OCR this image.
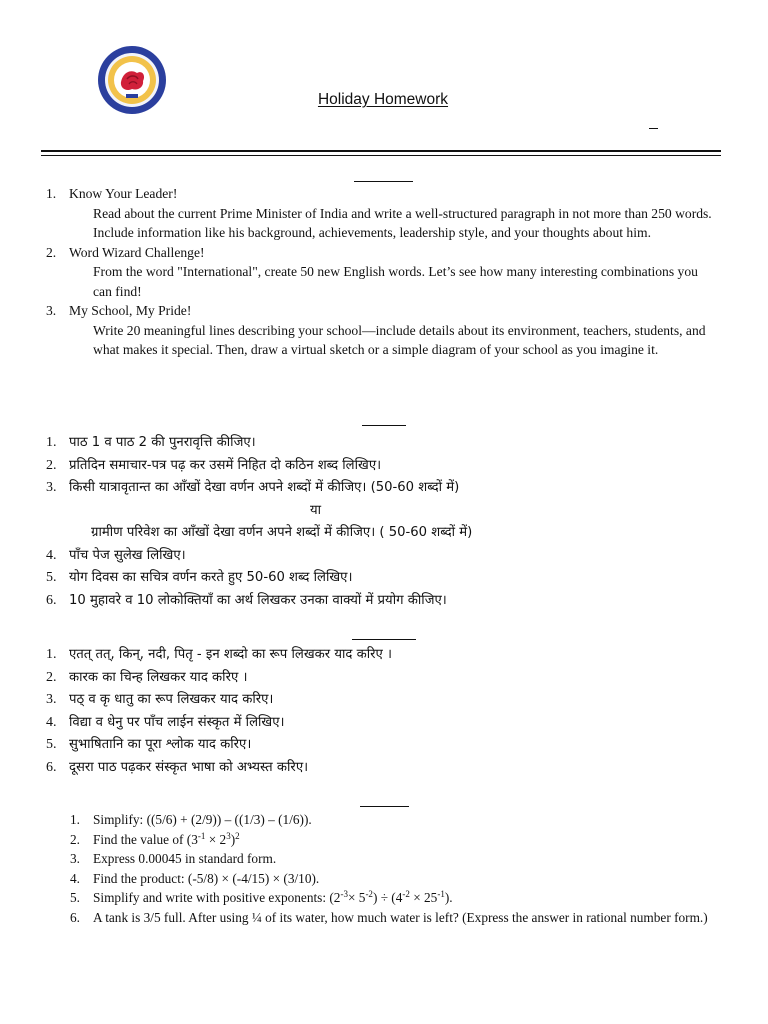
Holiday Homework
1. Know Your Leader!
Read about the current Prime Minister of India and write a well-structured paragraph in not more than 250 words. Include information like his background, achievements, leadership style, and your thoughts about him.
2. Word Wizard Challenge!
From the word "International", create 50 new English words. Let’s see how many interesting combinations you can find!
3. My School, My Pride!
Write 20 meaningful lines describing your school—include details about its environment, teachers, students, and what makes it special. Then, draw a virtual sketch or a simple diagram of your school as you imagine it.
1. पाठ 1 व पाठ 2 की पुनरावृत्ति कीजिए।
2. प्रतिदिन समाचार-पत्र पढ़ कर उसमें निहित दो कठिन शब्द लिखिए।
3. किसी यात्रावृतान्त का आँखों देखा वर्णन अपने शब्दों में कीजिए। (50-60 शब्दों में)
या
ग्रामीण परिवेश का आँखों देखा वर्णन अपने शब्दों में कीजिए। ( 50-60 शब्दों में)
4. पाँच पेज सुलेख लिखिए।
5. योग दिवस का सचित्र वर्णन करते हुए 50-60 शब्द लिखिए।
6. 10 मुहावरे व 10 लोकोक्तियाँ का अर्थ लिखकर उनका वाक्यों में प्रयोग कीजिए।
1. एतत् तत्, किन्, नदी, पितृ - इन शब्दो का रूप लिखकर याद करिए ।
2. कारक का चिन्ह लिखकर याद करिए ।
3. पठ् व कृ धातु का रूप लिखकर याद करिए।
4. विद्या व धेनु पर पाँच लाईन संस्कृत में लिखिए।
5. सुभाषितानि का पूरा श्लोक याद करिए।
6. दूसरा पाठ पढ़कर संस्कृत भाषा को अभ्यस्त करिए।
1. Simplify: ((5/6) + (2/9)) – ((1/3) – (1/6)).
2. Find the value of $(3^{-1} \times 2^3)^2$
3. Express 0.00045 in standard form.
4. Find the product: (-5/8) × (-4/15) × (3/10).
5. Simplify and write with positive exponents: $(2^{-3}\times 5^{-2}) \div (4^{-2} \times 25^{-1})$.
6. A tank is 3/5 full. After using ¼ of its water, how much water is left? (Express the answer in rational number form.)
